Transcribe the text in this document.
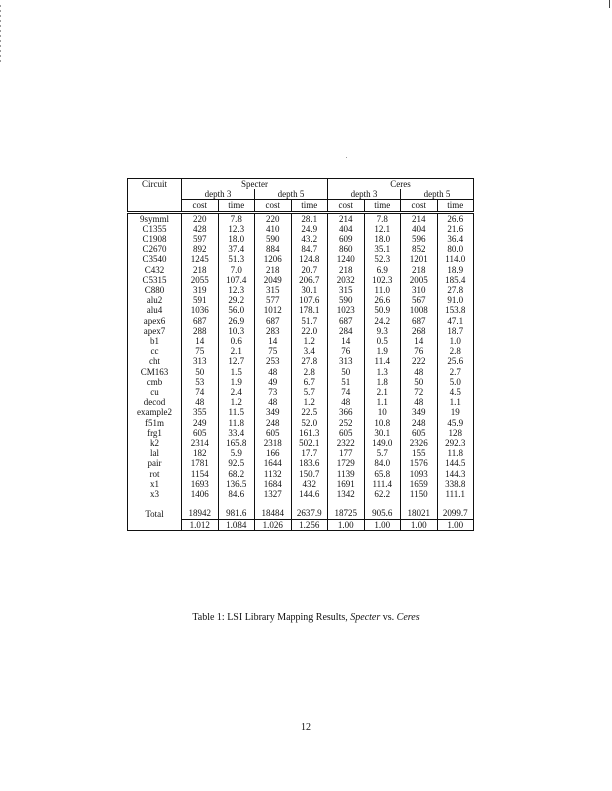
Circuit	Specter				Ceres			
	depth 3		depth 5		depth 3		depth 5	
	cost	time	cost	time	cost	time	cost	time
9symml	220	7.8	220	28.1	214	7.8	214	26.6
C1355	428	12.3	410	24.9	404	12.1	404	21.6
C1908	597	18.0	590	43.2	609	18.0	596	36.4
C2670	892	37.4	884	84.7	860	35.1	852	80.0
C3540	1245	51.3	1206	124.8	1240	52.3	1201	114.0
C432	218	7.0	218	20.7	218	6.9	218	18.9
C5315	2055	107.4	2049	206.7	2032	102.3	2005	185.4
C880	319	12.3	315	30.1	315	11.0	310	27.8
alu2	591	29.2	577	107.6	590	26.6	567	91.0
alu4	1036	56.0	1012	178.1	1023	50.9	1008	153.8
apex6	687	26.9	687	51.7	687	24.2	687	47.1
apex7	288	10.3	283	22.0	284	9.3	268	18.7
b1	14	0.6	14	1.2	14	0.5	14	1.0
cc	75	2.1	75	3.4	76	1.9	76	2.8
cht	313	12.7	253	27.8	313	11.4	222	25.6
CM163	50	1.5	48	2.8	50	1.3	48	2.7
cmb	53	1.9	49	6.7	51	1.8	50	5.0
cu	74	2.4	73	5.7	74	2.1	72	4.5
decod	48	1.2	48	1.2	48	1.1	48	1.1
example2	355	11.5	349	22.5	366	10	349	19
f51m	249	11.8	248	52.0	252	10.8	248	45.9
frg1	605	33.4	605	161.3	605	30.1	605	128
k2	2314	165.8	2318	502.1	2322	149.0	2326	292.3
lal	182	5.9	166	17.7	177	5.7	155	11.8
pair	1781	92.5	1644	183.6	1729	84.0	1576	144.5
rot	1154	68.2	1132	150.7	1139	65.8	1093	144.3
x1	1693	136.5	1684	432	1691	111.4	1659	338.8
x3	1406	84.6	1327	144.6	1342	62.2	1150	111.1

Total	18942	981.6	18484	2637.9	18725	905.6	18021	2099.7
	1.012	1.084	1.026	1.256	1.00	1.00	1.00	1.00
Table 1: LSI Library Mapping Results, Specter vs. Ceres
12
